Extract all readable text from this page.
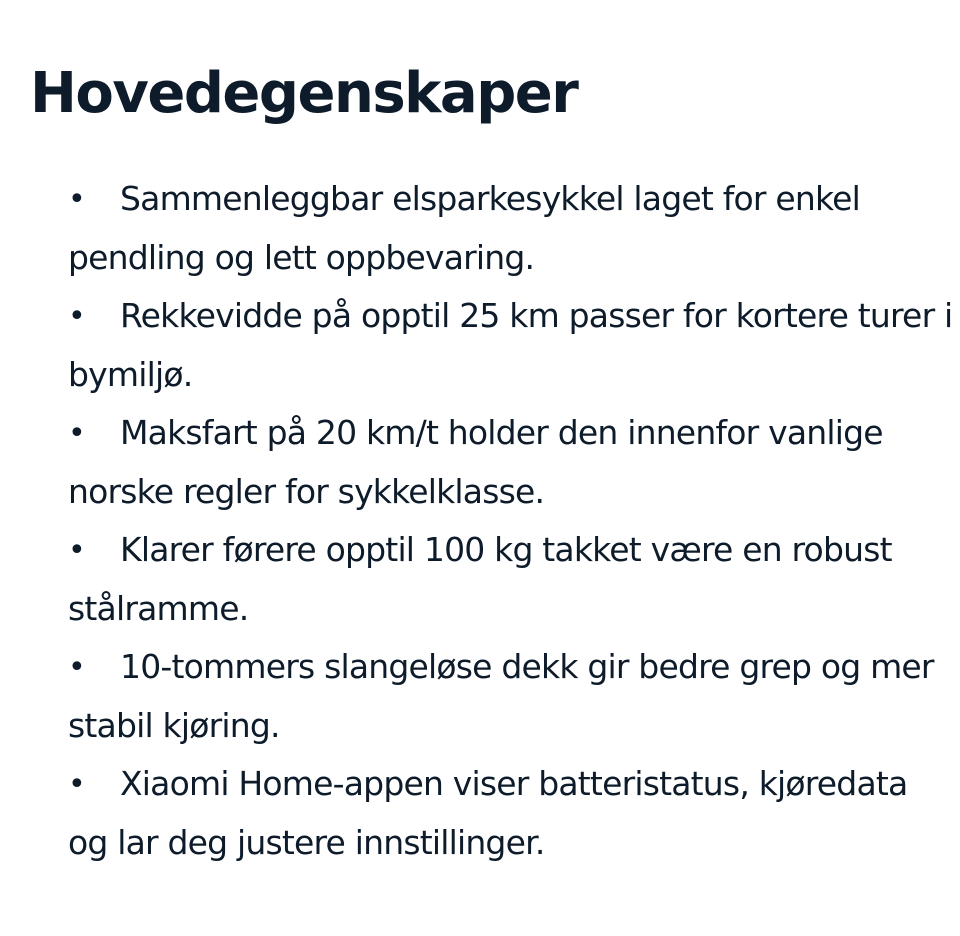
Hovedegenskaper
• Sammenleggbar elsparkesykkel laget for enkel pendling og lett oppbevaring.
• Rekkevidde på opptil 25 km passer for kortere turer i bymiljø.
• Maksfart på 20 km/t holder den innenfor vanlige norske regler for sykkelklasse.
• Klarer førere opptil 100 kg takket være en robust stålramme.
• 10-tommers slangeløse dekk gir bedre grep og mer stabil kjøring.
• Xiaomi Home-appen viser batteristatus, kjøredata og lar deg justere innstillinger.
